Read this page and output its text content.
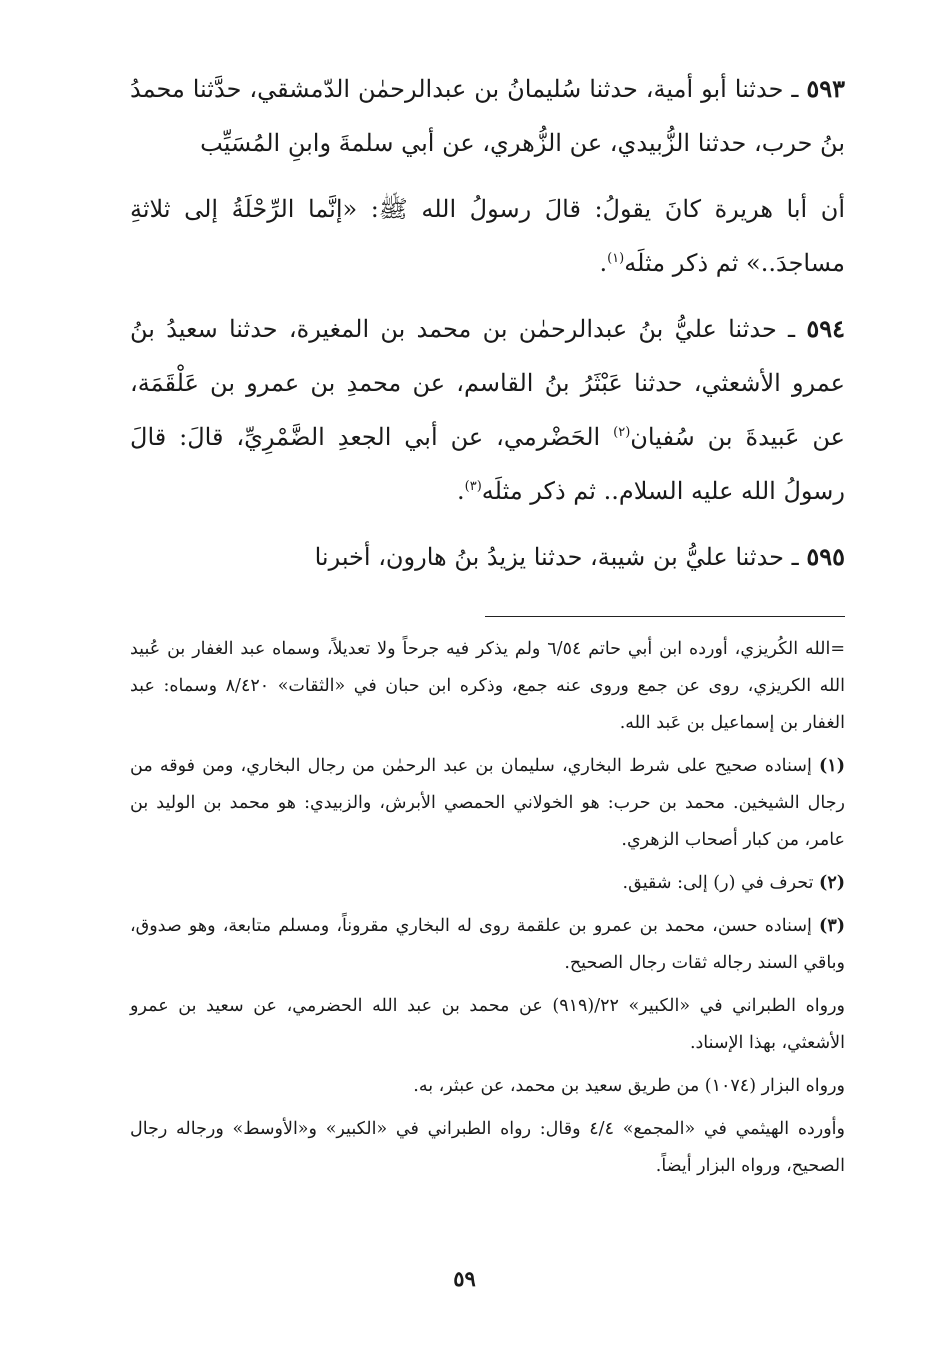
٥٩٣ ـ حدثنا أبو أمية، حدثنا سُليمانُ بن عبدالرحمٰن الدّمشقي، حدَّثنا محمدُ بنُ حرب، حدثنا الزُّبيدي، عن الزُّهري، عن أبي سلمةَ وابنِ المُسَيِّب

أن أبا هريرة كانَ يقولُ: قالَ رسولُ الله ﷺ: «إنَّما الرِّحْلَةُ إلى ثلاثةِ مساجدَ..» ثم ذكر مثلَه$^{(١)}$.

٥٩٤ ـ حدثنا عليُّ بنُ عبدالرحمٰن بن محمد بن المغيرة، حدثنا سعيدُ بنُ عمرو الأشعثي، حدثنا عَبْثَرُ بنُ القاسم، عن محمدِ بن عمرو بن عَلْقَمَة، عن عَبيدةَ بن سُفيان$^{(٢)}$ الحَضْرمي، عن أبي الجعدِ الضَّمْرِيِّ، قالَ: قالَ رسولُ الله عليه السلام.. ثم ذكر مثلَه$^{(٣)}$.

٥٩٥ ـ حدثنا عليُّ بن شيبة، حدثنا يزيدُ بنُ هارون، أخبرنا

=الله الكُريزي، أورده ابن أبي حاتم ٦/٥٤ ولم يذكر فيه جرحاً ولا تعديلاً، وسماه عبد الغفار بن عُبيد الله الكريزي، روى عن جمع وروى عنه جمع، وذكره ابن حبان في «الثقات» ٨/٤٢٠ وسماه: عبد الغفار بن إسماعيل بن عَبد الله.

(١) إسناده صحيح على شرط البخاري، سليمان بن عبد الرحمٰن من رجال البخاري، ومن فوقه من رجال الشيخين. محمد بن حرب: هو الخولاني الحمصي الأبرش، والزبيدي: هو محمد بن الوليد بن عامر، من كبار أصحاب الزهري.

(٢) تحرف في (ر) إلى: شقيق.

(٣) إسناده حسن، محمد بن عمرو بن علقمة روى له البخاري مقروناً، ومسلم متابعة، وهو صدوق، وباقي السند رجاله ثقات رجال الصحيح.

ورواه الطبراني في «الكبير» ٢٢/(٩١٩) عن محمد بن عبد الله الحضرمي، عن سعيد بن عمرو الأشعثي، بهذا الإسناد.

ورواه البزار (١٠٧٤) من طريق سعيد بن محمد، عن عبثر، به.

وأورده الهيثمي في «المجمع» ٤/٤ وقال: رواه الطبراني في «الكبير» و«الأوسط» ورجاله رجال الصحيح، ورواه البزار أيضاً.

٥٩
